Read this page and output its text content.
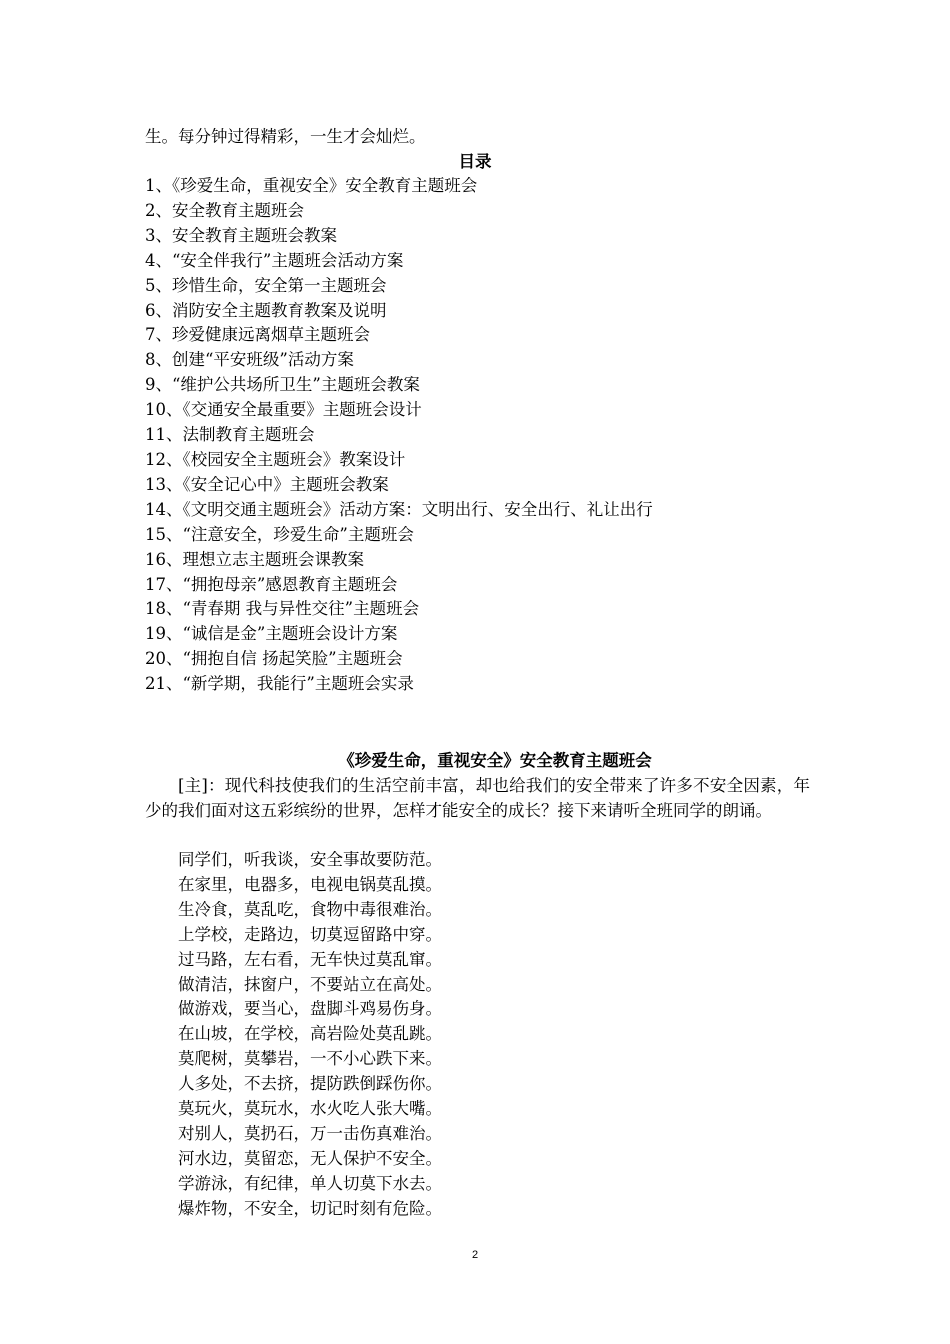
生。每分钟过得精彩，一生才会灿烂。
目录
1、《珍爱生命，重视安全》安全教育主题班会
2、安全教育主题班会
3、安全教育主题班会教案
4、“安全伴我行”主题班会活动方案
5、珍惜生命，安全第一主题班会
6、消防安全主题教育教案及说明
7、珍爱健康远离烟草主题班会
8、创建“平安班级”活动方案
9、“维护公共场所卫生”主题班会教案
10、《交通安全最重要》主题班会设计
11、法制教育主题班会
12、《校园安全主题班会》教案设计
13、《安全记心中》主题班会教案
14、《文明交通主题班会》活动方案：文明出行、安全出行、礼让出行
15、“注意安全，珍爱生命”主题班会
16、理想立志主题班会课教案
17、“拥抱母亲”感恩教育主题班会
18、“青春期 我与异性交往”主题班会
19、“诚信是金”主题班会设计方案
20、“拥抱自信 扬起笑脸”主题班会
21、“新学期，我能行”主题班会实录
《珍爱生命，重视安全》安全教育主题班会

[主]：现代科技使我们的生活空前丰富，却也给我们的安全带来了许多不安全因素，年少的我们面对这五彩缤纷的世界，怎样才能安全的成长？接下来请听全班同学的朗诵。

同学们，听我谈，安全事故要防范。
在家里，电器多，电视电锅莫乱摸。
生冷食，莫乱吃，食物中毒很难治。
上学校，走路边，切莫逗留路中穿。
过马路，左右看，无车快过莫乱窜。
做清洁，抹窗户，不要站立在高处。
做游戏，要当心，盘脚斗鸡易伤身。
在山坡，在学校，高岩险处莫乱跳。
莫爬树，莫攀岩，一不小心跌下来。
人多处，不去挤，提防跌倒踩伤你。
莫玩火，莫玩水，水火吃人张大嘴。
对别人，莫扔石，万一击伤真难治。
河水边，莫留恋，无人保护不安全。
学游泳，有纪律，单人切莫下水去。
爆炸物，不安全，切记时刻有危险。
2
